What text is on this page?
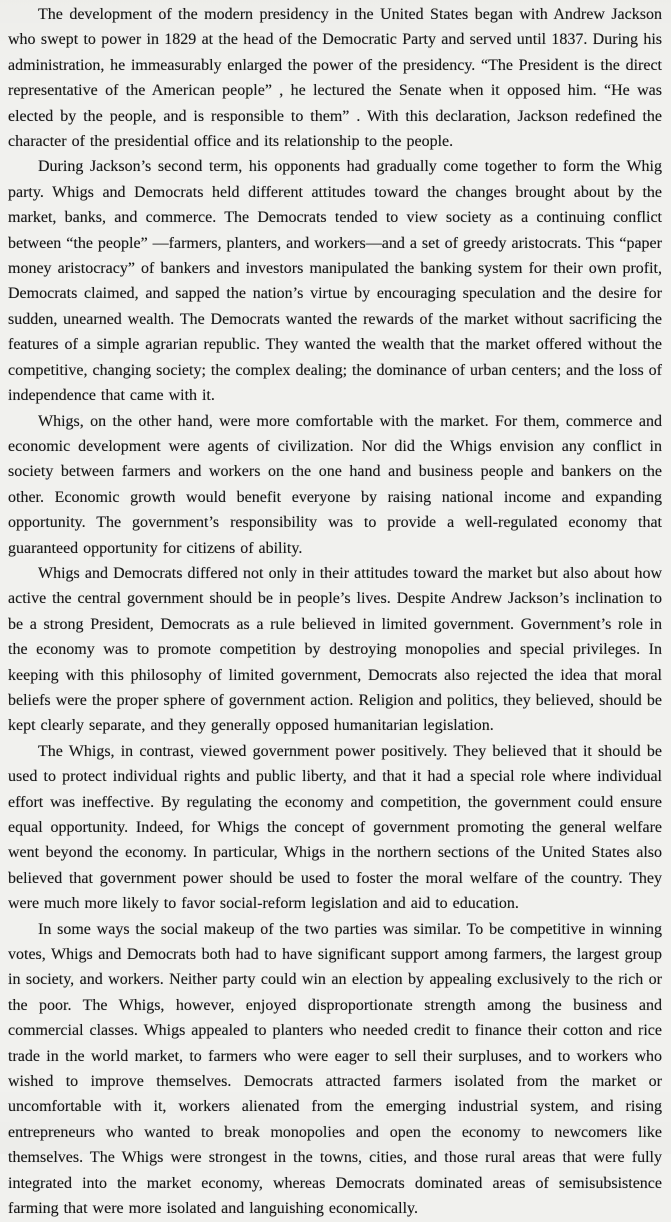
The development of the modern presidency in the United States began with Andrew Jackson who swept to power in 1829 at the head of the Democratic Party and served until 1837. During his administration, he immeasurably enlarged the power of the presidency. “The President is the direct representative of the American people” , he lectured the Senate when it opposed him. “He was elected by the people, and is responsible to them” . With this declaration, Jackson redefined the character of the presidential office and its relationship to the people.

During Jackson’s second term, his opponents had gradually come together to form the Whig party. Whigs and Democrats held different attitudes toward the changes brought about by the market, banks, and commerce. The Democrats tended to view society as a continuing conflict between “the people” —farmers, planters, and workers—and a set of greedy aristocrats. This “paper money aristocracy” of bankers and investors manipulated the banking system for their own profit, Democrats claimed, and sapped the nation’s virtue by encouraging speculation and the desire for sudden, unearned wealth. The Democrats wanted the rewards of the market without sacrificing the features of a simple agrarian republic. They wanted the wealth that the market offered without the competitive, changing society; the complex dealing; the dominance of urban centers; and the loss of independence that came with it.

Whigs, on the other hand, were more comfortable with the market. For them, commerce and economic development were agents of civilization. Nor did the Whigs envision any conflict in society between farmers and workers on the one hand and business people and bankers on the other. Economic growth would benefit everyone by raising national income and expanding opportunity. The government’s responsibility was to provide a well-regulated economy that guaranteed opportunity for citizens of ability.

Whigs and Democrats differed not only in their attitudes toward the market but also about how active the central government should be in people’s lives. Despite Andrew Jackson’s inclination to be a strong President, Democrats as a rule believed in limited government. Government’s role in the economy was to promote competition by destroying monopolies and special privileges. In keeping with this philosophy of limited government, Democrats also rejected the idea that moral beliefs were the proper sphere of government action. Religion and politics, they believed, should be kept clearly separate, and they generally opposed humanitarian legislation.

The Whigs, in contrast, viewed government power positively. They believed that it should be used to protect individual rights and public liberty, and that it had a special role where individual effort was ineffective. By regulating the economy and competition, the government could ensure equal opportunity. Indeed, for Whigs the concept of government promoting the general welfare went beyond the economy. In particular, Whigs in the northern sections of the United States also believed that government power should be used to foster the moral welfare of the country. They were much more likely to favor social-reform legislation and aid to education.

In some ways the social makeup of the two parties was similar. To be competitive in winning votes, Whigs and Democrats both had to have significant support among farmers, the largest group in society, and workers. Neither party could win an election by appealing exclusively to the rich or the poor. The Whigs, however, enjoyed disproportionate strength among the business and commercial classes. Whigs appealed to planters who needed credit to finance their cotton and rice trade in the world market, to farmers who were eager to sell their surpluses, and to workers who wished to improve themselves. Democrats attracted farmers isolated from the market or uncomfortable with it, workers alienated from the emerging industrial system, and rising entrepreneurs who wanted to break monopolies and open the economy to newcomers like themselves. The Whigs were strongest in the towns, cities, and those rural areas that were fully integrated into the market economy, whereas Democrats dominated areas of semisubsistence farming that were more isolated and languishing economically.
